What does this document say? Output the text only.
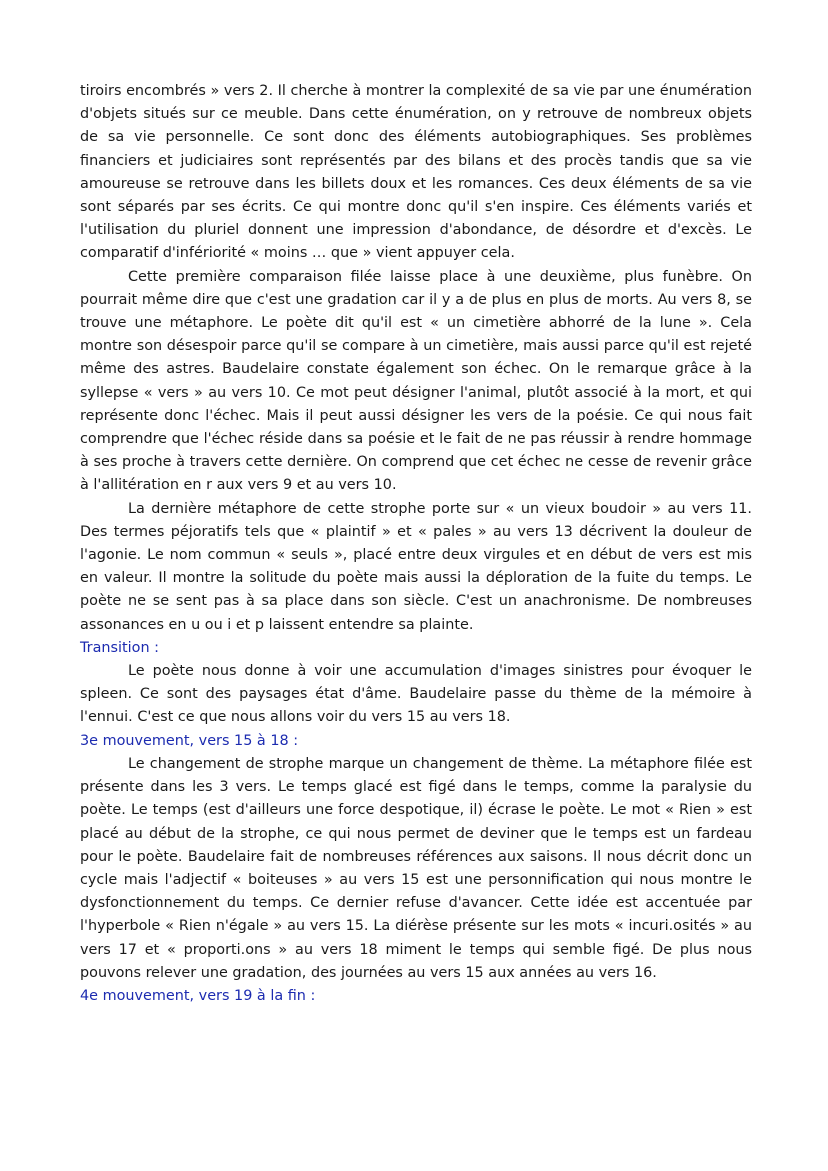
tiroirs encombrés » vers 2. Il cherche à montrer la complexité de sa vie par une énumération d'objets situés sur ce meuble. Dans cette énumération, on y retrouve de nombreux objets de sa vie personnelle. Ce sont donc des éléments autobiographiques. Ses problèmes financiers et judiciaires sont représentés par des bilans et des procès tandis que sa vie amoureuse se retrouve dans les billets doux et les romances. Ces deux éléments de sa vie sont séparés par ses écrits. Ce qui montre donc qu'il s'en inspire. Ces éléments variés et l'utilisation du pluriel donnent une impression d'abondance, de désordre et d'excès. Le comparatif d'infériorité « moins … que » vient appuyer cela.

Cette première comparaison filée laisse place à une deuxième, plus funèbre. On pourrait même dire que c'est une gradation car il y a de plus en plus de morts. Au vers 8, se trouve une métaphore. Le poète dit qu'il est « un cimetière abhorré de la lune ». Cela montre son désespoir parce qu'il se compare à un cimetière, mais aussi parce qu'il est rejeté même des astres. Baudelaire constate également son échec. On le remarque grâce à la syllepse « vers » au vers 10. Ce mot peut désigner l'animal, plutôt associé à la mort, et qui représente donc l'échec. Mais il peut aussi désigner les vers de la poésie. Ce qui nous fait comprendre que l'échec réside dans sa poésie et le fait de ne pas réussir à rendre hommage à ses proche à travers cette dernière. On comprend que cet échec ne cesse de revenir grâce à l'allitération en r aux vers 9 et au vers 10.

La dernière métaphore de cette strophe porte sur « un vieux boudoir » au vers 11. Des termes péjoratifs tels que « plaintif » et « pales » au vers 13 décrivent la douleur de l'agonie. Le nom commun « seuls », placé entre deux virgules et en début de vers est mis en valeur. Il montre la solitude du poète mais aussi la déploration de la fuite du temps. Le poète ne se sent pas à sa place dans son siècle. C'est un anachronisme. De nombreuses assonances en u ou i et p laissent entendre sa plainte.

Transition :

Le poète nous donne à voir une accumulation d'images sinistres pour évoquer le spleen. Ce sont des paysages état d'âme. Baudelaire passe du thème de la mémoire à l'ennui. C'est ce que nous allons voir du vers 15 au vers 18.

3e mouvement, vers 15 à 18 :

Le changement de strophe marque un changement de thème. La métaphore filée est présente dans les 3 vers. Le temps glacé est figé dans le temps, comme la paralysie du poète. Le temps (est d'ailleurs une force despotique, il) écrase le poète. Le mot « Rien » est placé au début de la strophe, ce qui nous permet de deviner que le temps est un fardeau pour le poète. Baudelaire fait de nombreuses références aux saisons. Il nous décrit donc un cycle mais l'adjectif « boiteuses » au vers 15 est une personnification qui nous montre le dysfonctionnement du temps. Ce dernier refuse d'avancer. Cette idée est accentuée par l'hyperbole « Rien n'égale » au vers 15. La diérèse présente sur les mots « incuri.osités » au vers 17 et « proporti.ons » au vers 18 miment le temps qui semble figé. De plus nous pouvons relever une gradation, des journées au vers 15 aux années au vers 16.

4e mouvement, vers 19 à la fin :
